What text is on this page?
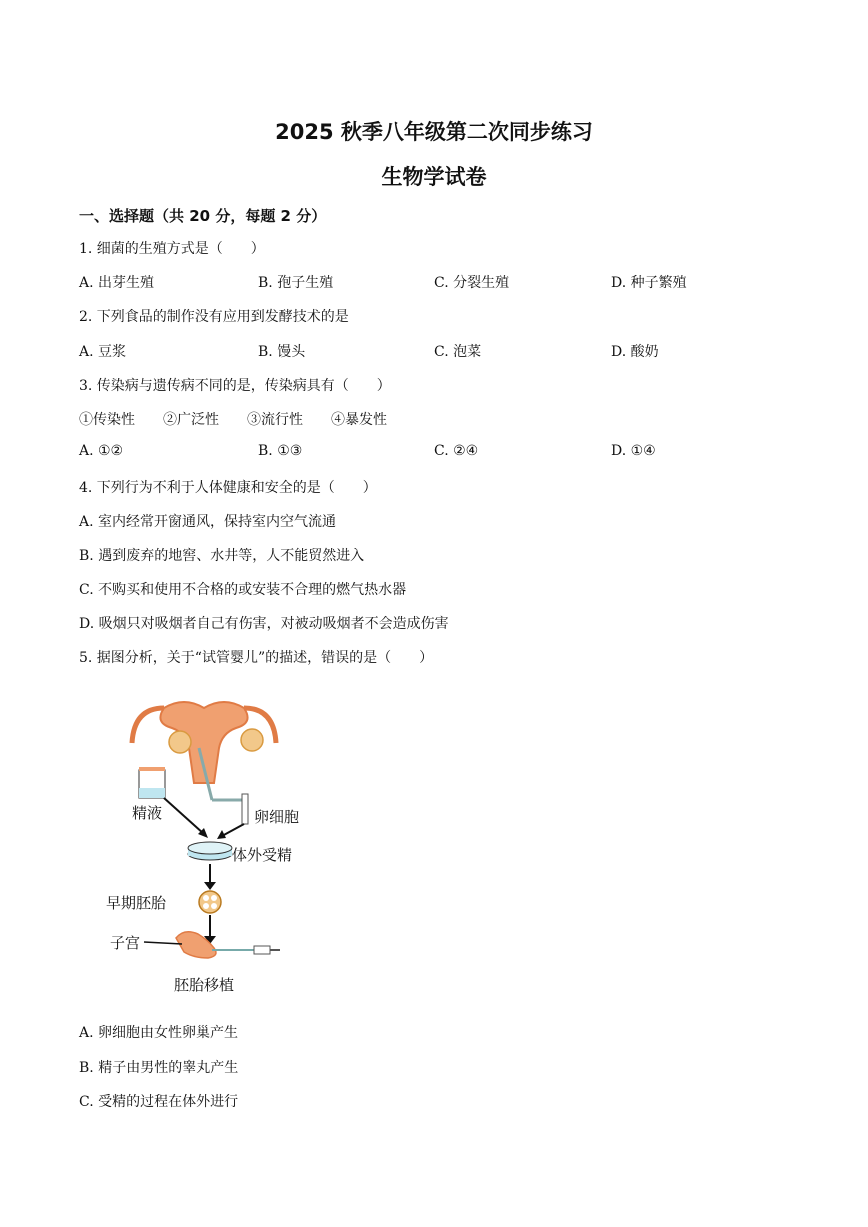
2025 秋季八年级第二次同步练习
生物学试卷
一、选择题（共 20 分，每题 2 分）
1. 细菌的生殖方式是（　　）
A. 出芽生殖	B. 孢子生殖	C. 分裂生殖	D. 种子繁殖
2. 下列食品的制作没有应用到发酵技术的是
A. 豆浆	B. 馒头	C. 泡菜	D. 酸奶
3. 传染病与遗传病不同的是，传染病具有（　　）
①传染性　　②广泛性　　③流行性　　④暴发性
A. ①②	B. ①③	C. ②④	D. ①④
4. 下列行为不利于人体健康和安全的是（　　）
A. 室内经常开窗通风，保持室内空气流通
B. 遇到废弃的地窖、水井等，人不能贸然进入
C. 不购买和使用不合格的或安装不合理的燃气热水器
D. 吸烟只对吸烟者自己有伤害，对被动吸烟者不会造成伤害
5. 据图分析，关于“试管婴儿”的描述，错误的是（　　）
精液	卵细胞
体外受精
早期胚胎
子宫
胚胎移植
A. 卵细胞由女性卵巢产生
B. 精子由男性的睾丸产生
C. 受精的过程在体外进行
